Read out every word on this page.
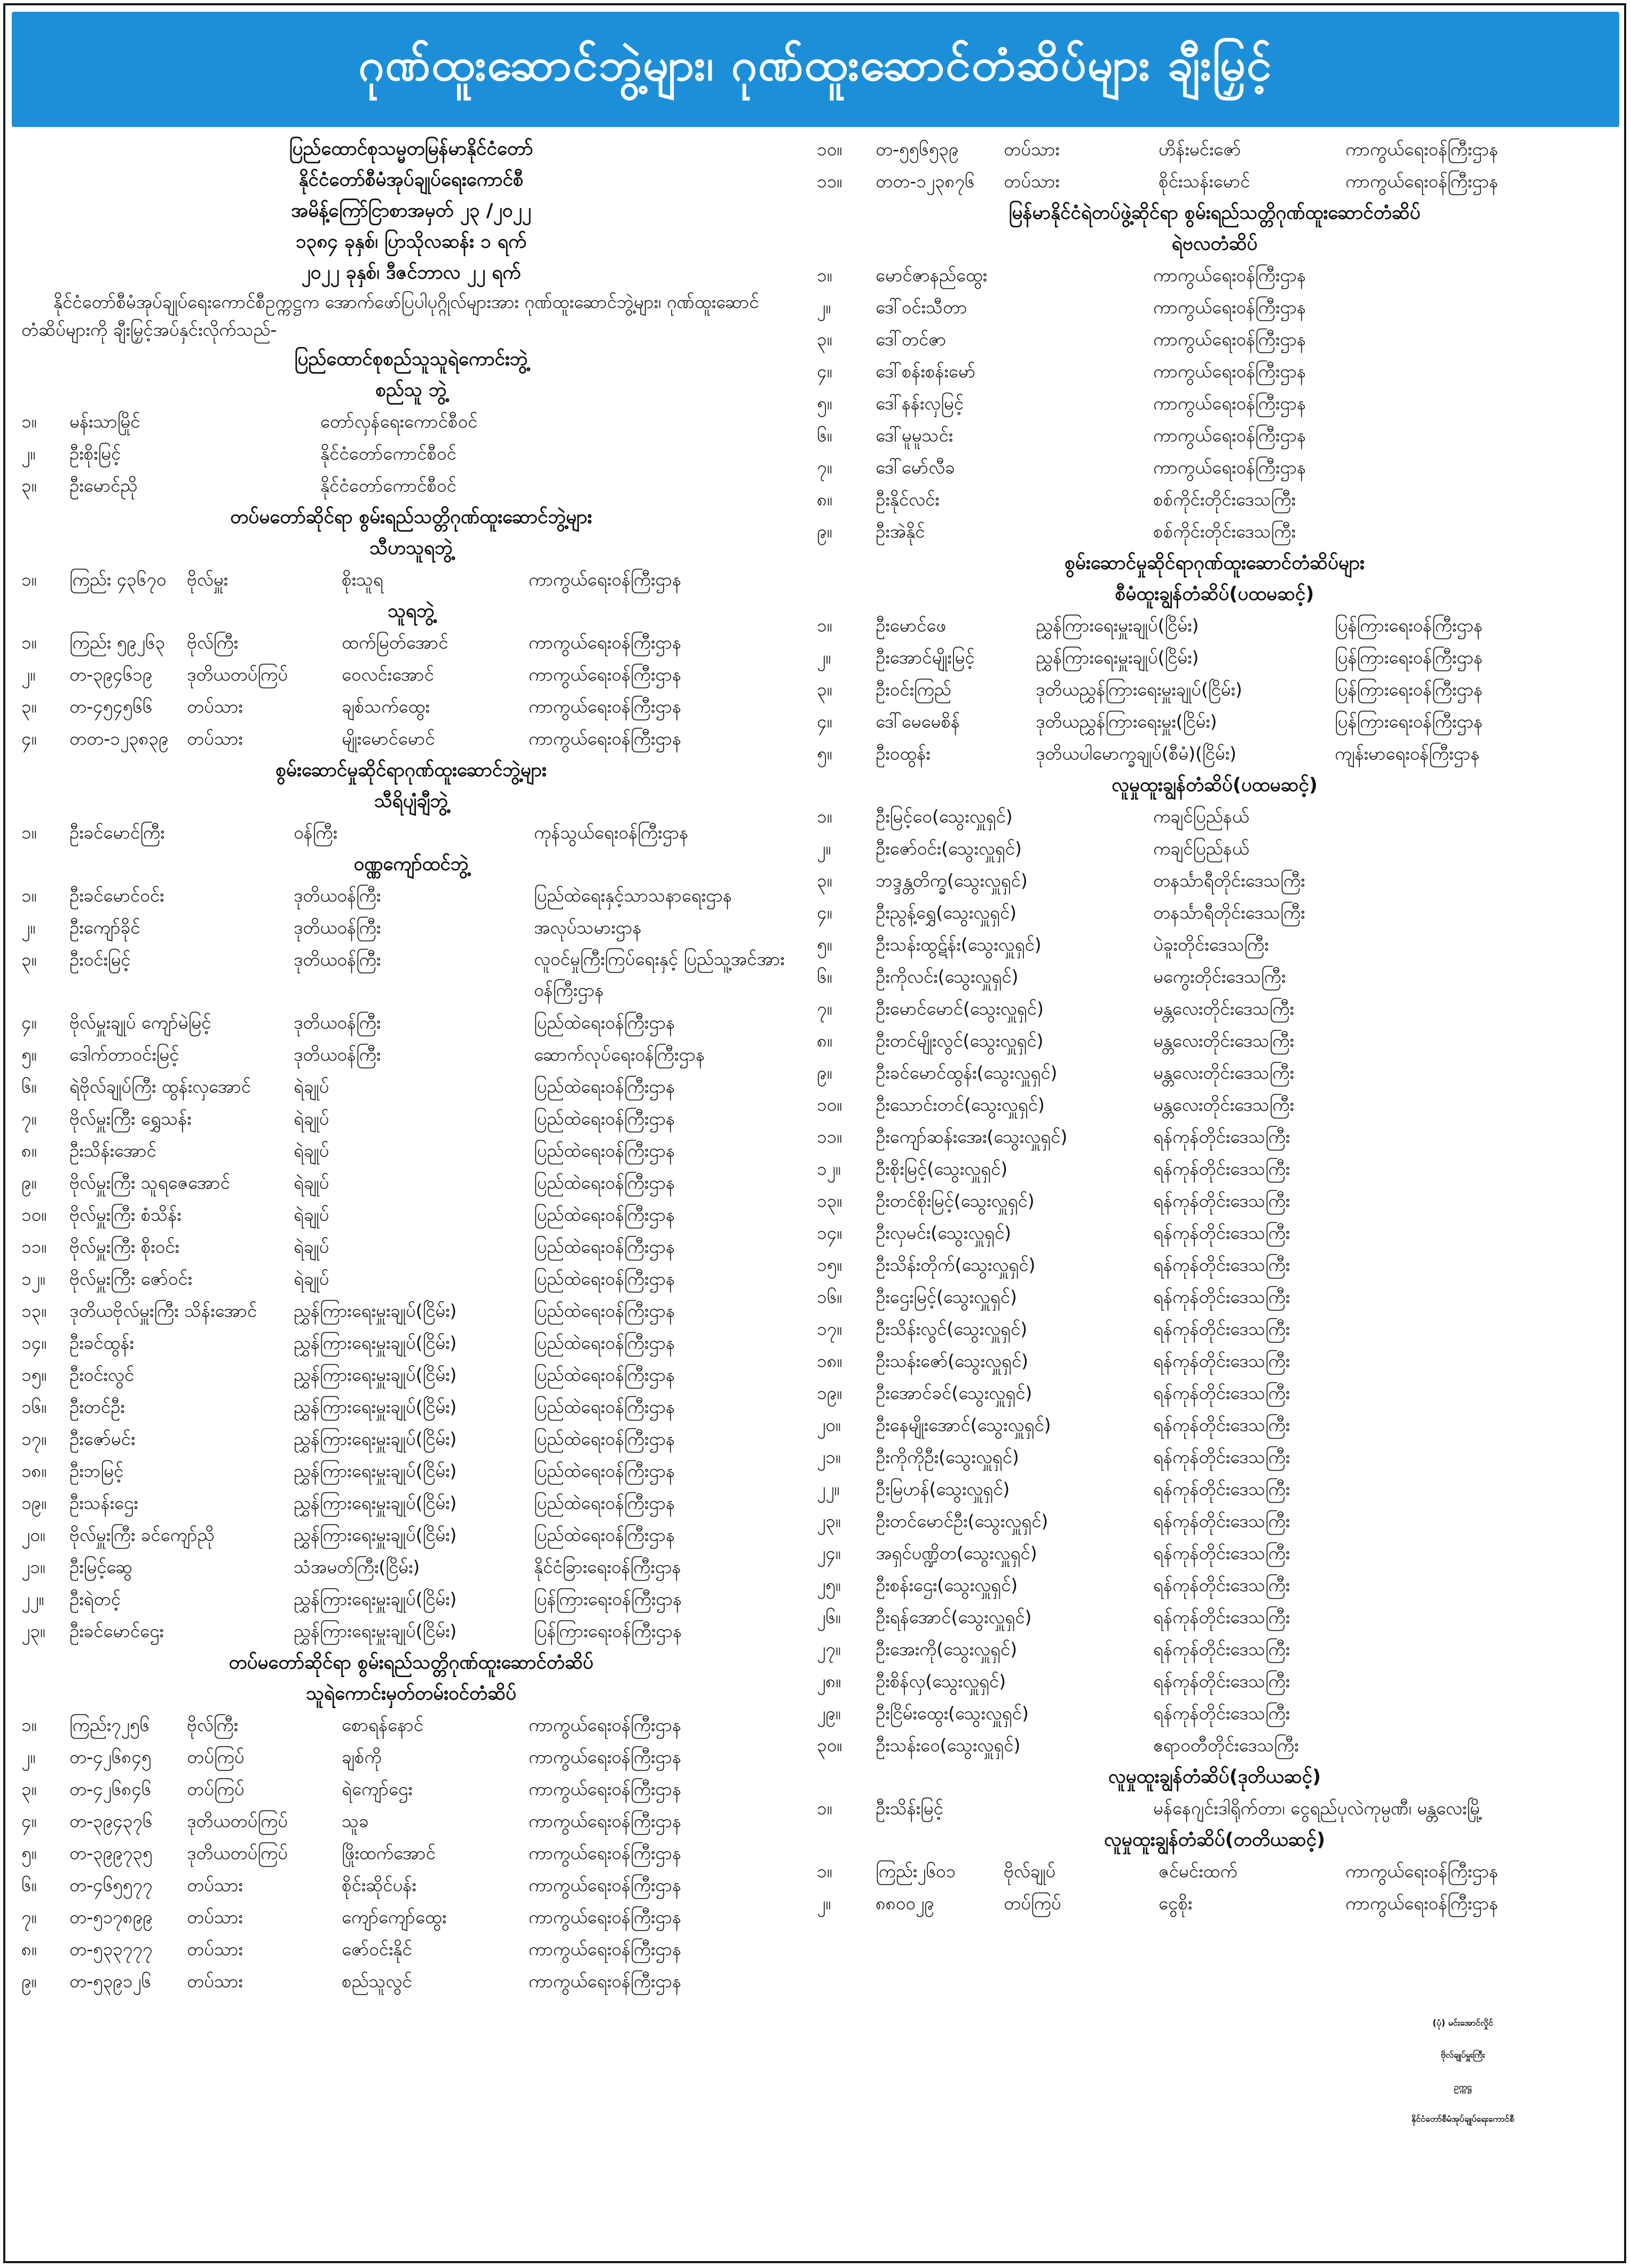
ဂုဏ်ထူးဆောင်ဘွဲ့များ၊ ဂုဏ်ထူးဆောင်တံဆိပ်များ ချီးမြှင့်
ပြည်ထောင်စုသမ္မတမြန်မာနိုင်ငံတော်
နိုင်ငံတော်စီမံအုပ်ချုပ်ရေးကောင်စီ
အမိန့်ကြော်ငြာစာအမှတ် ၂၃ /၂၀၂၂
၁၃၈၄ ခုနှစ်၊ ပြာသိုလဆန်း ၁ ရက်
၂၀၂၂ ခုနှစ်၊ ဒီဇင်ဘာလ ၂၂ ရက်
နိုင်ငံတော်စီမံအုပ်ချုပ်ရေးကောင်စီဥက္ကဋ္ဌက အောက်ဖော်ပြပါပုဂ္ဂိုလ်များအား ဂုဏ်ထူးဆောင်ဘွဲ့များ၊ ဂုဏ်ထူးဆောင်တံဆိပ်များကို ချီးမြှင့်အပ်နှင်းလိုက်သည်-
ပြည်ထောင်စုစည်သူသူရဲကောင်းဘွဲ့
စည်သူ ဘွဲ့
၁။	မန်းသာမြိုင်	တော်လှန်ရေးကောင်စီဝင်
၂။	ဦးစိုးမြင့်	နိုင်ငံတော်ကောင်စီဝင်
၃။	ဦးမောင်ညို	နိုင်ငံတော်ကောင်စီဝင်
တပ်မတော်ဆိုင်ရာ စွမ်းရည်သတ္တိဂုဏ်ထူးဆောင်ဘွဲ့များ
သီဟသူရဘွဲ့
၁။	ကြည်း ၄၃၆၇၀	ဗိုလ်မှူး	စိုးသူရ	ကာကွယ်ရေးဝန်ကြီးဌာန
သူရဘွဲ့
၁။	ကြည်း ၅၉၂၆၃	ဗိုလ်ကြီး	ထက်မြတ်အောင်	ကာကွယ်ရေးဝန်ကြီးဌာန
၂။	တ-၃၉၄၆၁၉	ဒုတိယတပ်ကြပ်	ဝေလင်းအောင်	ကာကွယ်ရေးဝန်ကြီးဌာန
၃။	တ-၄၅၄၅၆၆	တပ်သား	ချစ်သက်ထွေး	ကာကွယ်ရေးဝန်ကြီးဌာန
၄။	တတ-၁၂၃၈၃၉	တပ်သား	မျိုးမောင်မောင်	ကာကွယ်ရေးဝန်ကြီးဌာန
စွမ်းဆောင်မှုဆိုင်ရာဂုဏ်ထူးဆောင်ဘွဲ့များ
သီရိပျံချီဘွဲ့
၁။	ဦးခင်မောင်ကြီး	ဝန်ကြီး	ကုန်သွယ်ရေးဝန်ကြီးဌာန
ဝဏ္ဏကျော်ထင်ဘွဲ့
၁။	ဦးခင်မောင်ဝင်း	ဒုတိယဝန်ကြီး	ပြည်ထဲရေးနှင့်သာသနာရေးဌာန
၂။	ဦးကျော်ခိုင်	ဒုတိယဝန်ကြီး	အလုပ်သမားဌာန
၃။	ဦးဝင်းမြင့်	ဒုတိယဝန်ကြီး	လူဝင်မှုကြီးကြပ်ရေးနှင့် ပြည်သူ့အင်အားဝန်ကြီးဌာန
၄။	ဗိုလ်မှူးချုပ် ကျော်မဲမြင့်	ဒုတိယဝန်ကြီး	ပြည်ထဲရေးဝန်ကြီးဌာန
၅။	ဒေါက်တာဝင်းမြင့်	ဒုတိယဝန်ကြီး	ဆောက်လုပ်ရေးဝန်ကြီးဌာန
၆။	ရဲဗိုလ်ချုပ်ကြီး ထွန်းလှအောင်	ရဲချုပ်	ပြည်ထဲရေးဝန်ကြီးဌာန
၇။	ဗိုလ်မှူးကြီး ရွှေသန်း	ရဲချုပ်	ပြည်ထဲရေးဝန်ကြီးဌာန
၈။	ဦးသိန်းအောင်	ရဲချုပ်	ပြည်ထဲရေးဝန်ကြီးဌာန
၉။	ဗိုလ်မှူးကြီး သူရဇေအောင်	ရဲချုပ်	ပြည်ထဲရေးဝန်ကြီးဌာန
၁၀။	ဗိုလ်မှူးကြီး စံသိန်း	ရဲချုပ်	ပြည်ထဲရေးဝန်ကြီးဌာန
၁၁။	ဗိုလ်မှူးကြီး စိုးဝင်း	ရဲချုပ်	ပြည်ထဲရေးဝန်ကြီးဌာန
၁၂။	ဗိုလ်မှူးကြီး ဇော်ဝင်း	ရဲချုပ်	ပြည်ထဲရေးဝန်ကြီးဌာန
၁၃။	ဒုတိယဗိုလ်မှူးကြီး သိန်းအောင်	ညွှန်ကြားရေးမှူးချုပ်(ငြိမ်း)	ပြည်ထဲရေးဝန်ကြီးဌာန
၁၄။	ဦးခင်ထွန်း	ညွှန်ကြားရေးမှူးချုပ်(ငြိမ်း)	ပြည်ထဲရေးဝန်ကြီးဌာန
၁၅။	ဦးဝင်းလွင်	ညွှန်ကြားရေးမှူးချုပ်(ငြိမ်း)	ပြည်ထဲရေးဝန်ကြီးဌာန
၁၆။	ဦးတင်ဦး	ညွှန်ကြားရေးမှူးချုပ်(ငြိမ်း)	ပြည်ထဲရေးဝန်ကြီးဌာန
၁၇။	ဦးဇော်မင်း	ညွှန်ကြားရေးမှူးချုပ်(ငြိမ်း)	ပြည်ထဲရေးဝန်ကြီးဌာန
၁၈။	ဦးဘမြင့်	ညွှန်ကြားရေးမှူးချုပ်(ငြိမ်း)	ပြည်ထဲရေးဝန်ကြီးဌာန
၁၉။	ဦးသန်းဌေး	ညွှန်ကြားရေးမှူးချုပ်(ငြိမ်း)	ပြည်ထဲရေးဝန်ကြီးဌာန
၂၀။	ဗိုလ်မှူးကြီး ခင်ကျော်ညို	ညွှန်ကြားရေးမှူးချုပ်(ငြိမ်း)	ပြည်ထဲရေးဝန်ကြီးဌာန
၂၁။	ဦးမြင့်ဆွေ	သံအမတ်ကြီး(ငြိမ်း)	နိုင်ငံခြားရေးဝန်ကြီးဌာန
၂၂။	ဦးရဲတင့်	ညွှန်ကြားရေးမှူးချုပ်(ငြိမ်း)	ပြန်ကြားရေးဝန်ကြီးဌာန
၂၃။	ဦးခင်မောင်ဌေး	ညွှန်ကြားရေးမှူးချုပ်(ငြိမ်း)	ပြန်ကြားရေးဝန်ကြီးဌာန
တပ်မတော်ဆိုင်ရာ စွမ်းရည်သတ္တိဂုဏ်ထူးဆောင်တံဆိပ်
သူရဲကောင်းမှတ်တမ်းဝင်တံဆိပ်
၁။	ကြည်း၇၂၅၆	ဗိုလ်ကြီး	စောရန်နောင်	ကာကွယ်ရေးဝန်ကြီးဌာန
၂။	တ-၄၂၆၈၄၅	တပ်ကြပ်	ချစ်ကို	ကာကွယ်ရေးဝန်ကြီးဌာန
၃။	တ-၄၂၆၈၄၆	တပ်ကြပ်	ရဲကျော်ဌေး	ကာကွယ်ရေးဝန်ကြီးဌာန
၄။	တ-၃၉၄၃၇၆	ဒုတိယတပ်ကြပ်	သူခ	ကာကွယ်ရေးဝန်ကြီးဌာန
၅။	တ-၃၉၉၇၃၅	ဒုတိယတပ်ကြပ်	ဖြိုးထက်အောင်	ကာကွယ်ရေးဝန်ကြီးဌာန
၆။	တ-၄၆၅၅၇၇	တပ်သား	စိုင်းဆိုင်ပန်း	ကာကွယ်ရေးဝန်ကြီးဌာန
၇။	တ-၅၁၇၈၉၉	တပ်သား	ကျော်ကျော်ထွေး	ကာကွယ်ရေးဝန်ကြီးဌာန
၈။	တ-၅၃၃၇၇၇	တပ်သား	ဇော်ဝင်းနိုင်	ကာကွယ်ရေးဝန်ကြီးဌာန
၉။	တ-၅၃၉၁၂၆	တပ်သား	စည်သူလွင်	ကာကွယ်ရေးဝန်ကြီးဌာန
၁၀။	တ-၅၅၆၅၃၉	တပ်သား	ဟိန်းမင်းဇော်	ကာကွယ်ရေးဝန်ကြီးဌာန
၁၁။	တတ-၁၂၃၈၇၆	တပ်သား	စိုင်းသန်းမောင်	ကာကွယ်ရေးဝန်ကြီးဌာန
မြန်မာနိုင်ငံရဲတပ်ဖွဲ့ဆိုင်ရာ စွမ်းရည်သတ္တိဂုဏ်ထူးဆောင်တံဆိပ်
ရဲဗလတံဆိပ်
၁။	မောင်ဇာနည်ထွေး	ကာကွယ်ရေးဝန်ကြီးဌာန
၂။	ဒေါ်ဝင်းသီတာ	ကာကွယ်ရေးဝန်ကြီးဌာန
၃။	ဒေါ်တင်ဇာ	ကာကွယ်ရေးဝန်ကြီးဌာန
၄။	ဒေါ်စန်းစန်းမော်	ကာကွယ်ရေးဝန်ကြီးဌာန
၅။	ဒေါ်နန်းလှမြင့်	ကာကွယ်ရေးဝန်ကြီးဌာန
၆။	ဒေါ်မူမူသင်း	ကာကွယ်ရေးဝန်ကြီးဌာန
၇။	ဒေါ်မော်လီခ	ကာကွယ်ရေးဝန်ကြီးဌာန
၈။	ဦးနိုင်လင်း	စစ်ကိုင်းတိုင်းဒေသကြီး
၉။	ဦးအဲနိုင်	စစ်ကိုင်းတိုင်းဒေသကြီး
စွမ်းဆောင်မှုဆိုင်ရာဂုဏ်ထူးဆောင်တံဆိပ်များ
စီမံထူးချွန်တံဆိပ်(ပထမဆင့်)
၁။	ဦးမောင်ဖေ	ညွှန်ကြားရေးမှူးချုပ်(ငြိမ်း)	ပြန်ကြားရေးဝန်ကြီးဌာန
၂။	ဦးအောင်မျိုးမြင့်	ညွှန်ကြားရေးမှူးချုပ်(ငြိမ်း)	ပြန်ကြားရေးဝန်ကြီးဌာန
၃။	ဦးဝင်းကြည်	ဒုတိယညွှန်ကြားရေးမှူးချုပ်(ငြိမ်း)	ပြန်ကြားရေးဝန်ကြီးဌာန
၄။	ဒေါ်မေမေစိန်	ဒုတိယညွှန်ကြားရေးမှူး(ငြိမ်း)	ပြန်ကြားရေးဝန်ကြီးဌာန
၅။	ဦးဝထွန်း	ဒုတိယပါမောက္ခချုပ်(စီမံ)(ငြိမ်း)	ကျန်းမာရေးဝန်ကြီးဌာန
လူမှုထူးချွန်တံဆိပ်(ပထမဆင့်)
၁။	ဦးမြင့်ဝေ(သွေးလှူရှင်)	ကချင်ပြည်နယ်
၂။	ဦးဇော်ဝင်း(သွေးလှူရှင်)	ကချင်ပြည်နယ်
၃။	ဘဒ္ဒန္တတိက္ခ(သွေးလှူရှင်)	တနင်္သာရီတိုင်းဒေသကြီး
၄။	ဦးညွန့်ရွှေ(သွေးလှူရှင်)	တနင်္သာရီတိုင်းဒေသကြီး
၅။	ဦးသန်းထွဋ်န်း(သွေးလှူရှင်)	ပဲခူးတိုင်းဒေသကြီး
၆။	ဦးကိုလင်း(သွေးလှူရှင်)	မကွေးတိုင်းဒေသကြီး
၇။	ဦးမောင်မောင်(သွေးလှူရှင်)	မန္တလေးတိုင်းဒေသကြီး
၈။	ဦးတင်မျိုးလွင်(သွေးလှူရှင်)	မန္တလေးတိုင်းဒေသကြီး
၉။	ဦးခင်မောင်ထွန်း(သွေးလှူရှင်)	မန္တလေးတိုင်းဒေသကြီး
၁၀။	ဦးသောင်းတင်(သွေးလှူရှင်)	မန္တလေးတိုင်းဒေသကြီး
၁၁။	ဦးကျော်ဆန်းအေး(သွေးလှူရှင်)	ရန်ကုန်တိုင်းဒေသကြီး
၁၂။	ဦးစိုးမြင့်(သွေးလှူရှင်)	ရန်ကုန်တိုင်းဒေသကြီး
၁၃။	ဦးတင်စိုးမြင့်(သွေးလှူရှင်)	ရန်ကုန်တိုင်းဒေသကြီး
၁၄။	ဦးလှမင်း(သွေးလှူရှင်)	ရန်ကုန်တိုင်းဒေသကြီး
၁၅။	ဦးသိန်းတိုက်(သွေးလှူရှင်)	ရန်ကုန်တိုင်းဒေသကြီး
၁၆။	ဦးဌေးမြင့်(သွေးလှူရှင်)	ရန်ကုန်တိုင်းဒေသကြီး
၁၇။	ဦးသိန်းလွင်(သွေးလှူရှင်)	ရန်ကုန်တိုင်းဒေသကြီး
၁၈။	ဦးသန်းဇော်(သွေးလှူရှင်)	ရန်ကုန်တိုင်းဒေသကြီး
၁၉။	ဦးအောင်ခင်(သွေးလှူရှင်)	ရန်ကုန်တိုင်းဒေသကြီး
၂၀။	ဦးနေမျိုးအောင်(သွေးလှူရှင်)	ရန်ကုန်တိုင်းဒေသကြီး
၂၁။	ဦးကိုကိုဦး(သွေးလှူရှင်)	ရန်ကုန်တိုင်းဒေသကြီး
၂၂။	ဦးမြဟန်(သွေးလှူရှင်)	ရန်ကုန်တိုင်းဒေသကြီး
၂၃။	ဦးတင်မောင်ဦး(သွေးလှူရှင်)	ရန်ကုန်တိုင်းဒေသကြီး
၂၄။	အရှင်ပဏ္ဍိတ(သွေးလှူရှင်)	ရန်ကုန်တိုင်းဒေသကြီး
၂၅။	ဦးစန်းဌေး(သွေးလှူရှင်)	ရန်ကုန်တိုင်းဒေသကြီး
၂၆။	ဦးရန်အောင်(သွေးလှူရှင်)	ရန်ကုန်တိုင်းဒေသကြီး
၂၇။	ဦးအေးကို(သွေးလှူရှင်)	ရန်ကုန်တိုင်းဒေသကြီး
၂၈။	ဦးစိန်လှ(သွေးလှူရှင်)	ရန်ကုန်တိုင်းဒေသကြီး
၂၉။	ဦးငြိမ်းထွေး(သွေးလှူရှင်)	ရန်ကုန်တိုင်းဒေသကြီး
၃၀။	ဦးသန်းဝေ(သွေးလှူရှင်)	ဧရာဝတီတိုင်းဒေသကြီး
လူမှုထူးချွန်တံဆိပ်(ဒုတိယဆင့်)
၁။	ဦးသိန်းမြင့်	မန်နေဂျင်းဒါရိုက်တာ၊ ငွေရည်ပုလဲကုမ္ပဏီ၊ မန္တလေးမြို့
လူမှုထူးချွန်တံဆိပ်(တတိယဆင့်)
၁။	ကြည်း၂၆၀၁	ဗိုလ်ချုပ်	ဇင်မင်းထက်	ကာကွယ်ရေးဝန်ကြီးဌာန
၂။	၈၈၀၀၂၉	တပ်ကြပ်	ငွေစိုး	ကာကွယ်ရေးဝန်ကြီးဌာန
(ပုံ) မင်းအောင်လှိုင်
ဗိုလ်ချုပ်မှူးကြီး
ဥက္ကဋ္ဌ
နိုင်ငံတော်စီမံအုပ်ချုပ်ရေးကောင်စီ
